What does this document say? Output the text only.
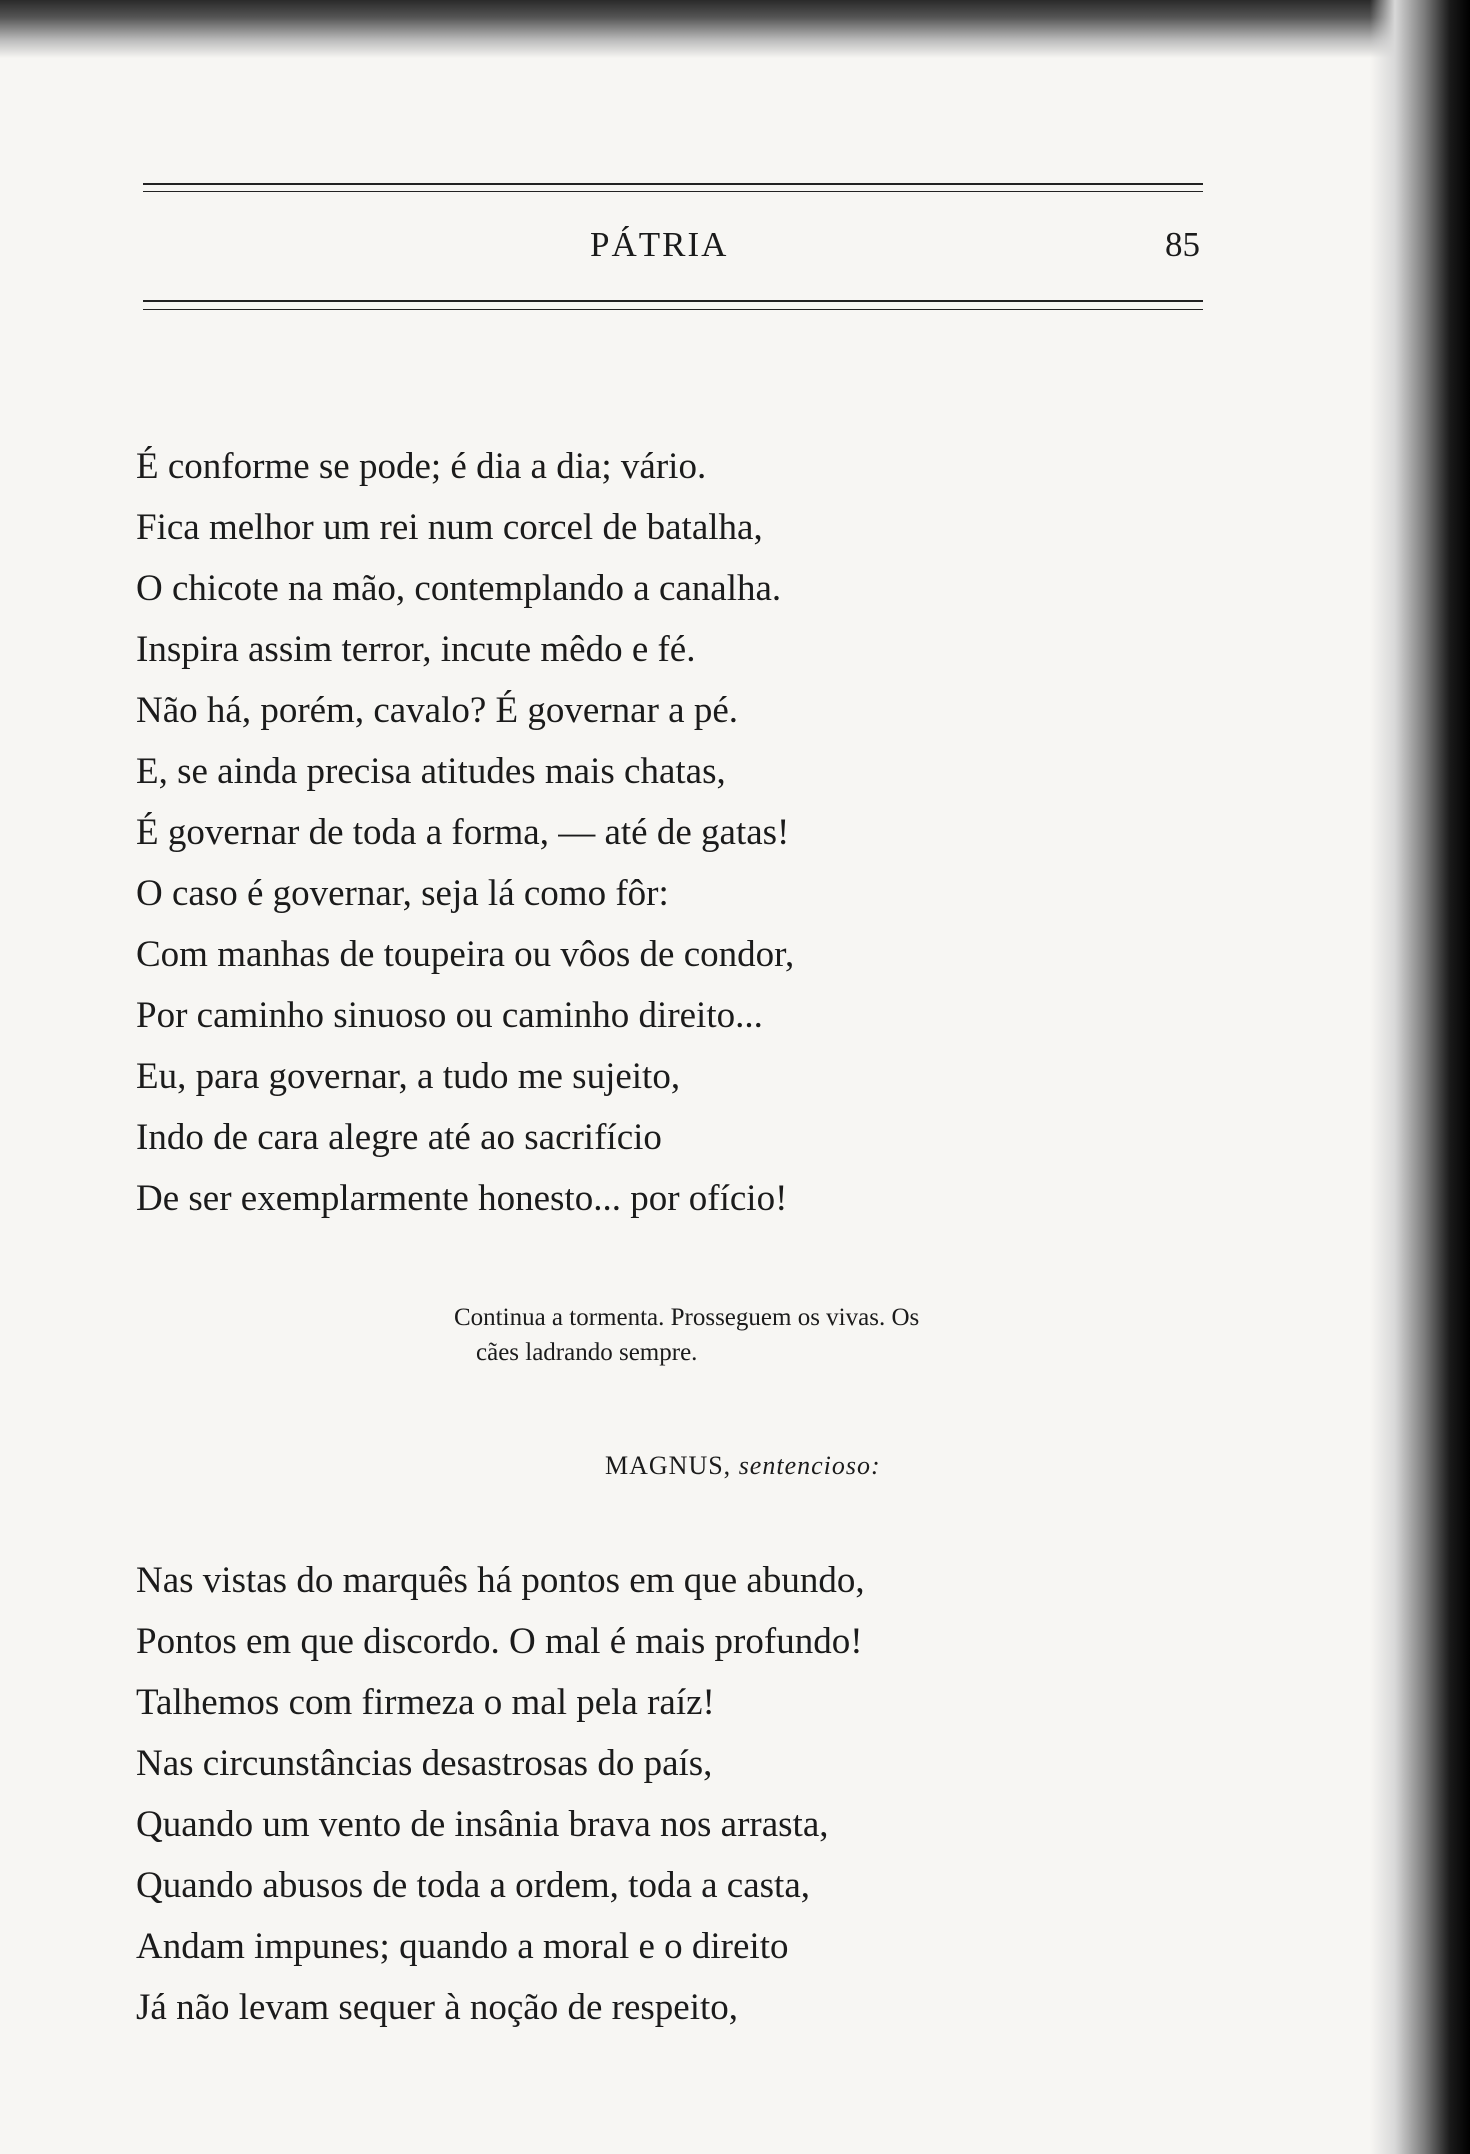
PÁTRIA	85
É conforme se pode; é dia a dia; vário.
Fica melhor um rei num corcel de batalha,
O chicote na mão, contemplando a canalha.
Inspira assim terror, incute mêdo e fé.
Não há, porém, cavalo? É governar a pé.
E, se ainda precisa atitudes mais chatas,
É governar de toda a forma, — até de gatas!
O caso é governar, seja lá como fôr:
Com manhas de toupeira ou vôos de condor,
Por caminho sinuoso ou caminho direito...
Eu, para governar, a tudo me sujeito,
Indo de cara alegre até ao sacrifício
De ser exemplarmente honesto... por ofício!
Continua a tormenta. Prosseguem os vivas. Os
cães ladrando sempre.
MAGNUS, sentencioso:
Nas vistas do marquês há pontos em que abundo,
Pontos em que discordo. O mal é mais profundo!
Talhemos com firmeza o mal pela raíz!
Nas circunstâncias desastrosas do país,
Quando um vento de insânia brava nos arrasta,
Quando abusos de toda a ordem, toda a casta,
Andam impunes; quando a moral e o direito
Já não levam sequer à noção de respeito,
